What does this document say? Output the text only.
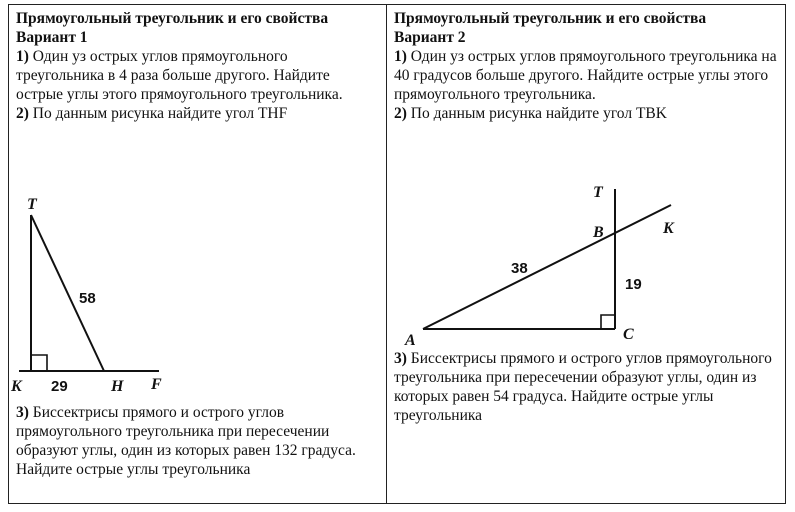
Прямоугольный треугольник и его свойства

Вариант 1

1) Один уз острых углов прямоугольного треугольника в 4 раза больше другого. Найдите острые углы этого прямоугольного треугольника.

2) По данным рисунка найдите угол THF

T
K	H F
58
29

3) Биссектрисы прямого и острого углов прямоугольного треугольника при пересечении образуют углы, один из которых равен 132 градуса. Найдите острые углы треугольника

Прямоугольный треугольник и его свойства

Вариант 2

1) Один уз острых углов прямоугольного треугольника на 40 градусов больше другого. Найдите острые углы этого прямоугольного треугольника.

2) По данным рисунка найдите угол TBK

T
B	K
A	C
38
19

3) Биссектрисы прямого и острого углов прямоугольного треугольника при пересечении образуют углы, один из которых равен 54 градуса. Найдите острые углы треугольника
